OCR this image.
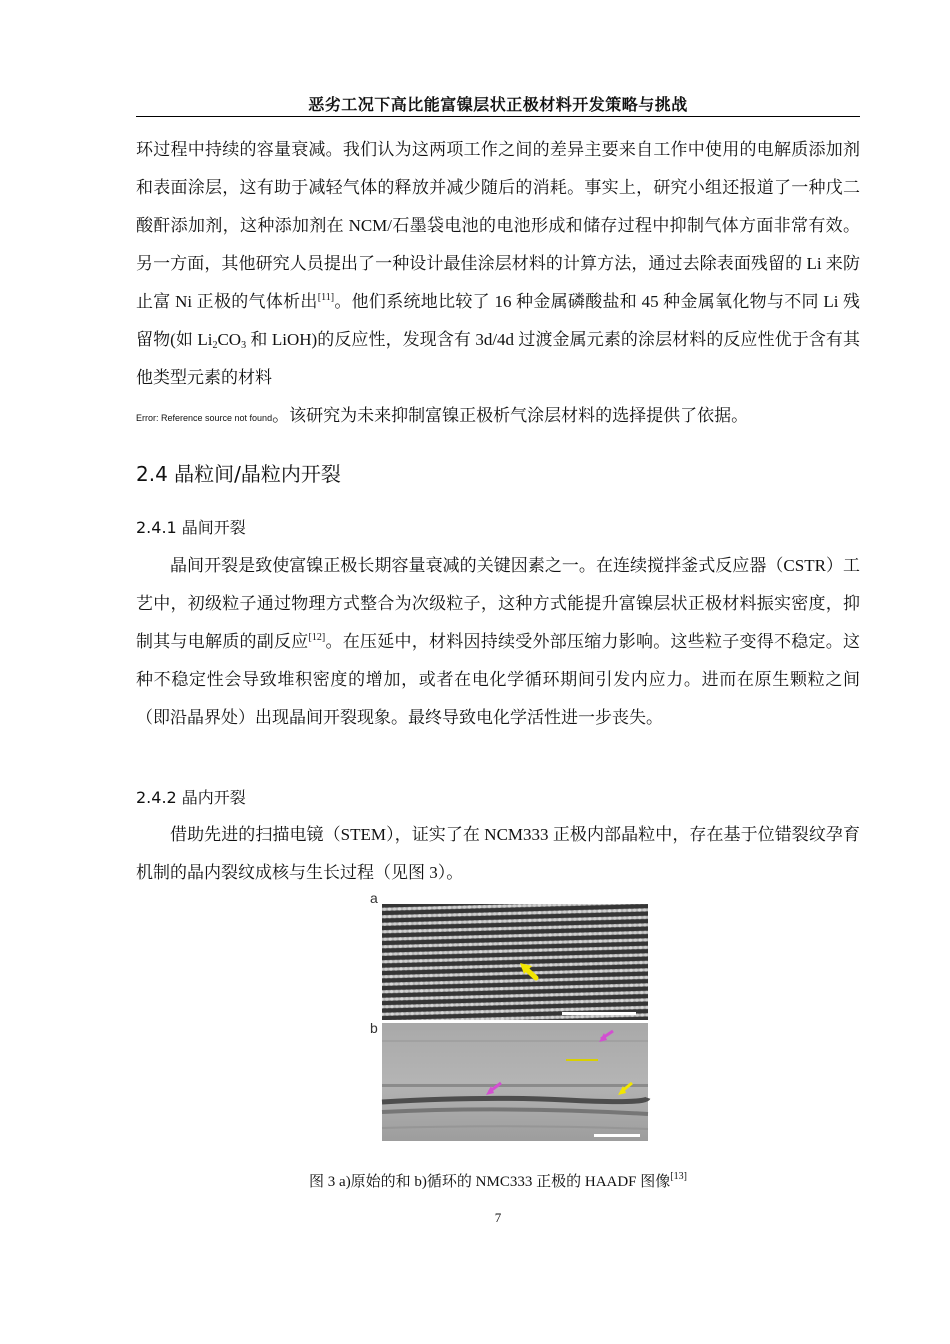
恶劣工况下高比能富镍层状正极材料开发策略与挑战
环过程中持续的容量衰减。我们认为这两项工作之间的差异主要来自工作中使用的电解质添加剂和表面涂层，这有助于减轻气体的释放并减少随后的消耗。事实上，研究小组还报道了一种戊二酸酐添加剂，这种添加剂在 NCM/石墨袋电池的电池形成和储存过程中抑制气体方面非常有效。另一方面，其他研究人员提出了一种设计最佳涂层材料的计算方法，通过去除表面残留的 Li 来防止富 Ni 正极的气体析出[11]。他们系统地比较了 16 种金属磷酸盐和 45 种金属氧化物与不同 Li 残留物(如 $Li_2CO_3$ 和 LiOH)的反应性，发现含有 3d/4d 过渡金属元素的涂层材料的反应性优于含有其他类型元素的材料
Error: Reference source not found。该研究为未来抑制富镍正极析气涂层材料的选择提供了依据。
2.4 晶粒间/晶粒内开裂
2.4.1 晶间开裂
晶间开裂是致使富镍正极长期容量衰减的关键因素之一。在连续搅拌釜式反应器（CSTR）工艺中，初级粒子通过物理方式整合为次级粒子，这种方式能提升富镍层状正极材料振实密度，抑制其与电解质的副反应[12]。在压延中，材料因持续受外部压缩力影响。这些粒子变得不稳定。这种不稳定性会导致堆积密度的增加，或者在电化学循环期间引发内应力。进而在原生颗粒之间（即沿晶界处）出现晶间开裂现象。最终导致电化学活性进一步丧失。
2.4.2 晶内开裂
借助先进的扫描电镜（STEM），证实了在 NCM333 正极内部晶粒中，存在基于位错裂纹孕育机制的晶内裂纹成核与生长过程（见图 3）。
a
b
图 3 a)原始的和 b)循环的 NMC333 正极的 HAADF 图像[13]
7
